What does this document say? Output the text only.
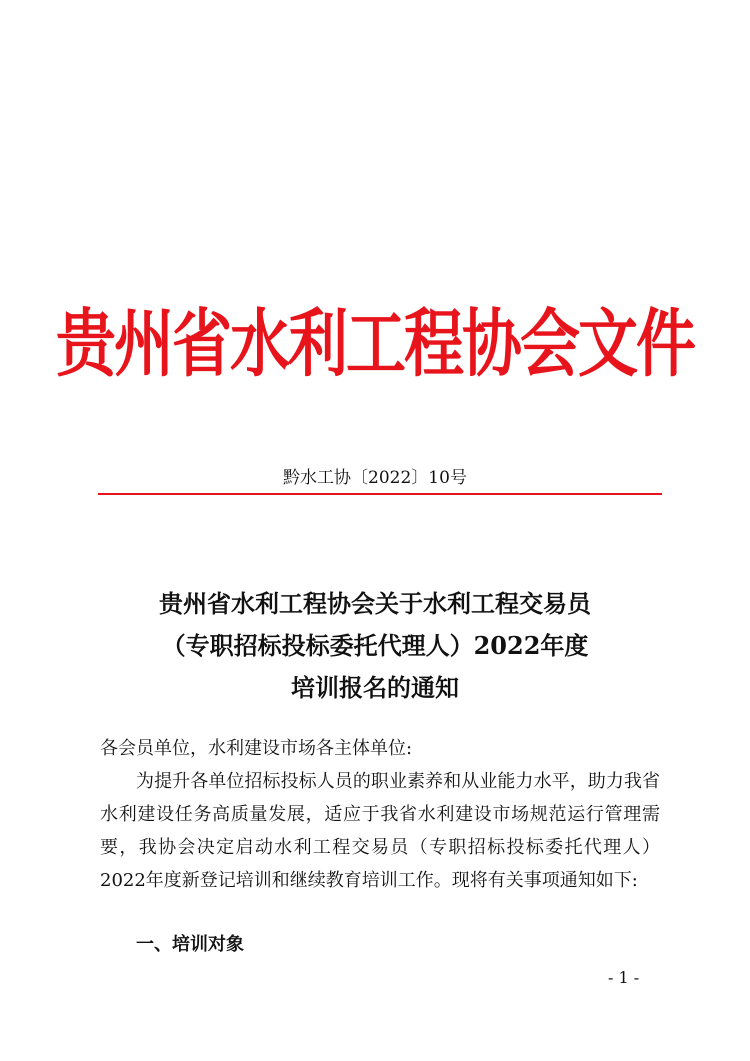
贵州省水利工程协会文件
黔水工协〔2022〕10号
贵州省水利工程协会关于水利工程交易员
（专职招标投标委托代理人）2022年度
培训报名的通知
各会员单位，水利建设市场各主体单位:
为提升各单位招标投标人员的职业素养和从业能力水平，助力我省水利建设任务高质量发展，适应于我省水利建设市场规范运行管理需要，我协会决定启动水利工程交易员（专职招标投标委托代理人）2022年度新登记培训和继续教育培训工作。现将有关事项通知如下:
一、培训对象
- 1 -
